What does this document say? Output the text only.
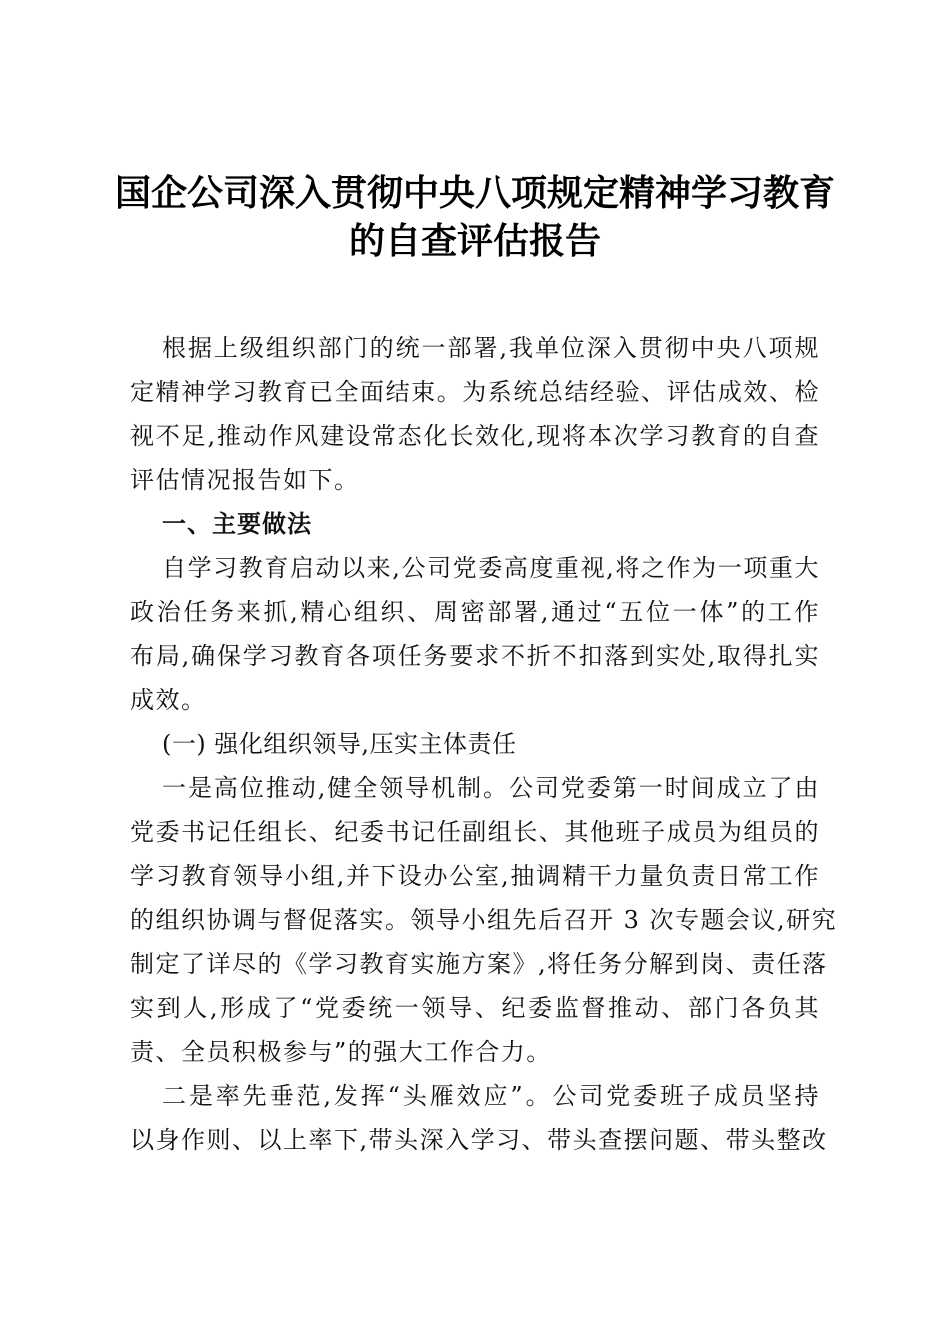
国企公司深入贯彻中央八项规定精神学习教育
的自查评估报告
根据上级组织部门的统一部署,我单位深入贯彻中央八项规
定精神学习教育已全面结束。为系统总结经验、评估成效、检
视不足,推动作风建设常态化长效化,现将本次学习教育的自查
评估情况报告如下。
一、主要做法
自学习教育启动以来,公司党委高度重视,将之作为一项重大
政治任务来抓,精心组织、周密部署,通过“五位一体”的工作
布局,确保学习教育各项任务要求不折不扣落到实处,取得扎实
成效。
(一) 强化组织领导,压实主体责任
一是高位推动,健全领导机制。公司党委第一时间成立了由
党委书记任组长、纪委书记任副组长、其他班子成员为组员的
学习教育领导小组,并下设办公室,抽调精干力量负责日常工作
的组织协调与督促落实。领导小组先后召开 3 次专题会议,研究
制定了详尽的《学习教育实施方案》,将任务分解到岗、责任落
实到人,形成了“党委统一领导、纪委监督推动、部门各负其
责、全员积极参与”的强大工作合力。
二是率先垂范,发挥“头雁效应”。公司党委班子成员坚持
以身作则、以上率下,带头深入学习、带头查摆问题、带头整改
